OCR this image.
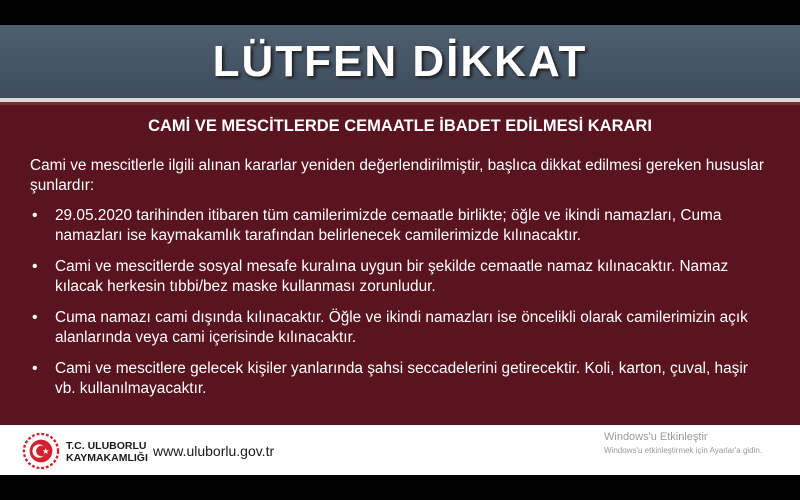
LÜTFEN DİKKAT
CAMİ VE MESCİTLERDE CEMAATLE İBADET EDİLMESİ KARARI

Cami ve mescitlerle ilgili alınan kararlar yeniden değerlendirilmiştir, başlıca dikkat edilmesi gereken hususlar şunlardır:

• 29.05.2020 tarihinden itibaren tüm camilerimizde cemaatle birlikte; öğle ve ikindi namazları, Cuma namazları ise kaymakamlık tarafından belirlenecek camilerimizde kılınacaktır.
• Cami ve mescitlerde sosyal mesafe kuralına uygun bir şekilde cemaatle namaz kılınacaktır. Namaz kılacak herkesin tıbbi/bez maske kullanması zorunludur.
• Cuma namazı cami dışında kılınacaktır. Öğle ve ikindi namazları ise öncelikli olarak camilerimizin açık alanlarında veya cami içerisinde kılınacaktır.
• Cami ve mescitlere gelecek kişiler yanlarında şahsi seccadelerini getirecektir. Koli, karton, çuval, haşir vb. kullanılmayacaktır.
T.C. ULUBORLU
KAYMAKAMLIĞI www.uluborlu.gov.tr
Windows'u Etkinleştir
Windows'u etkinleştirmek için Ayarlar'a gidin.
